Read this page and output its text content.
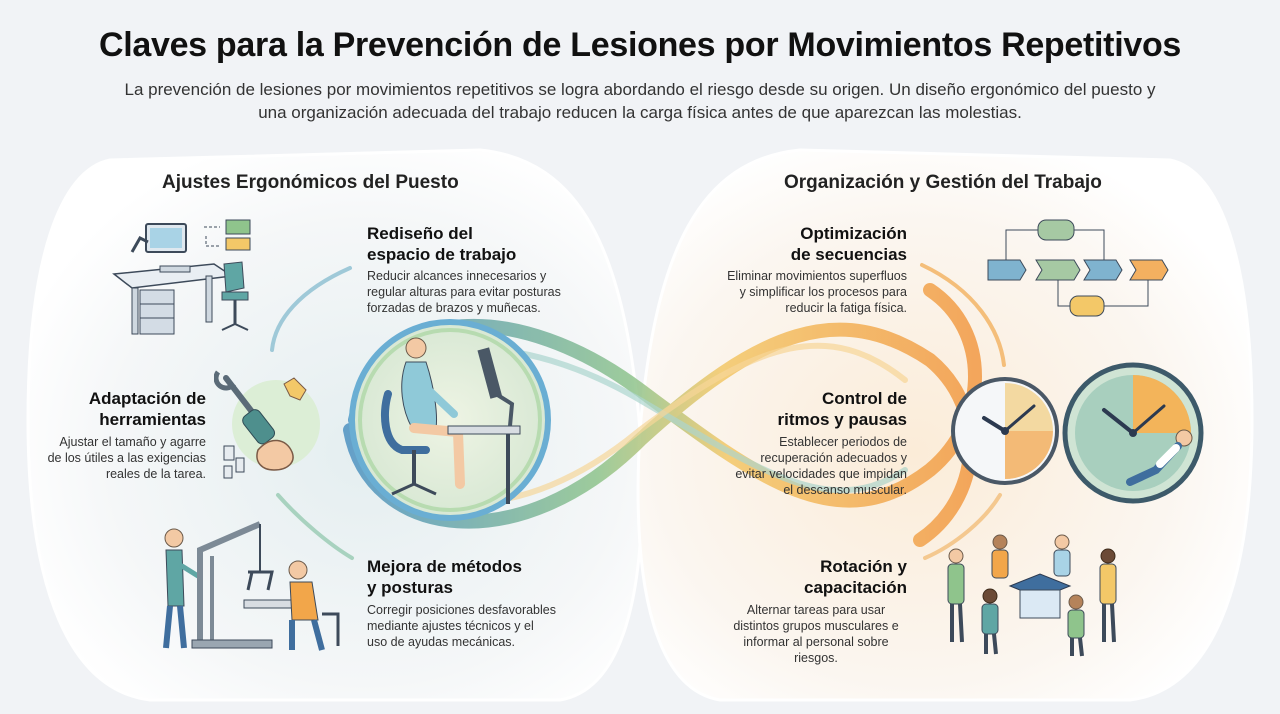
Claves para la Prevención de Lesiones por Movimientos Repetitivos
La prevención de lesiones por movimientos repetitivos se logra abordando el riesgo desde su origen. Un diseño ergonómico del puesto y una organización adecuada del trabajo reducen la carga física antes de que aparezcan las molestias.
Ajustes Ergonómicos del Puesto	Organización y Gestión del Trabajo
Rediseño del
espacio de trabajo
Reducir alcances innecesarios y
regular alturas para evitar posturas
forzadas de brazos y muñecas.
Adaptación de
herramientas
Ajustar el tamaño y agarre
de los útiles a las exigencias
reales de la tarea.
Mejora de métodos
y posturas
Corregir posiciones desfavorables
mediante ajustes técnicos y el
uso de ayudas mecánicas.
Optimización
de secuencias
Eliminar movimientos superfluos
y simplificar los procesos para
reducir la fatiga física.
Control de
ritmos y pausas
Establecer periodos de
recuperación adecuados y
evitar velocidades que impidan
el descanso muscular.
Rotación y
capacitación
Alternar tareas para usar
distintos grupos musculares e
informar al personal sobre
riesgos.
